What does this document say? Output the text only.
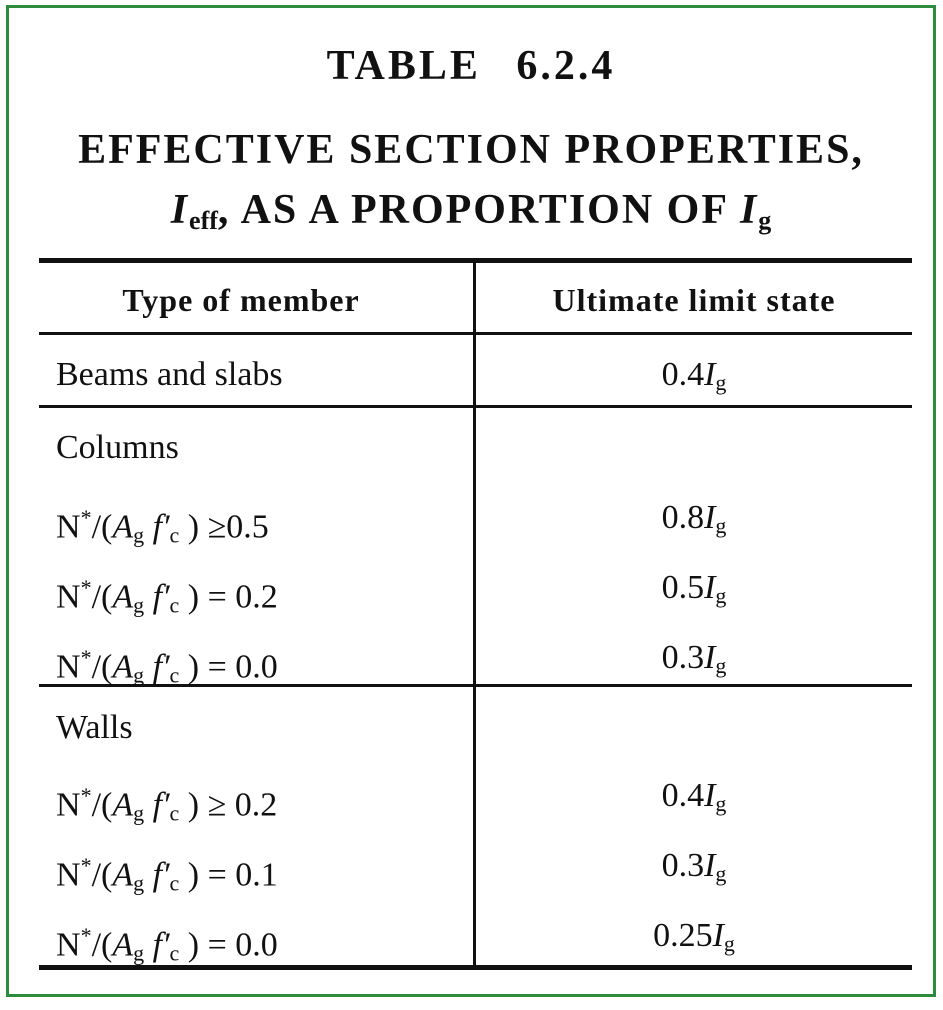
TABLE 6.2.4
EFFECTIVE SECTION PROPERTIES,
$I_{eff}$, AS A PROPORTION OF $I_g$
Type of member	Ultimate limit state
Beams and slabs	$0.4I_g$
Columns
$N^*/(A_g$ $f'_c$ ) ≥0.5	$0.8I_g$
$N^*/(A_g$ $f'_c$ ) = 0.2	$0.5I_g$
$N^*/(A_g$ $f'_c$ ) = 0.0	$0.3I_g$
Walls
$N^*/(A_g$ $f'_c$ ) ≥ 0.2	$0.4I_g$
$N^*/(A_g$ $f'_c$ ) = 0.1	$0.3I_g$
$N^*/(A_g$ $f'_c$ ) = 0.0	$0.25I_g$
